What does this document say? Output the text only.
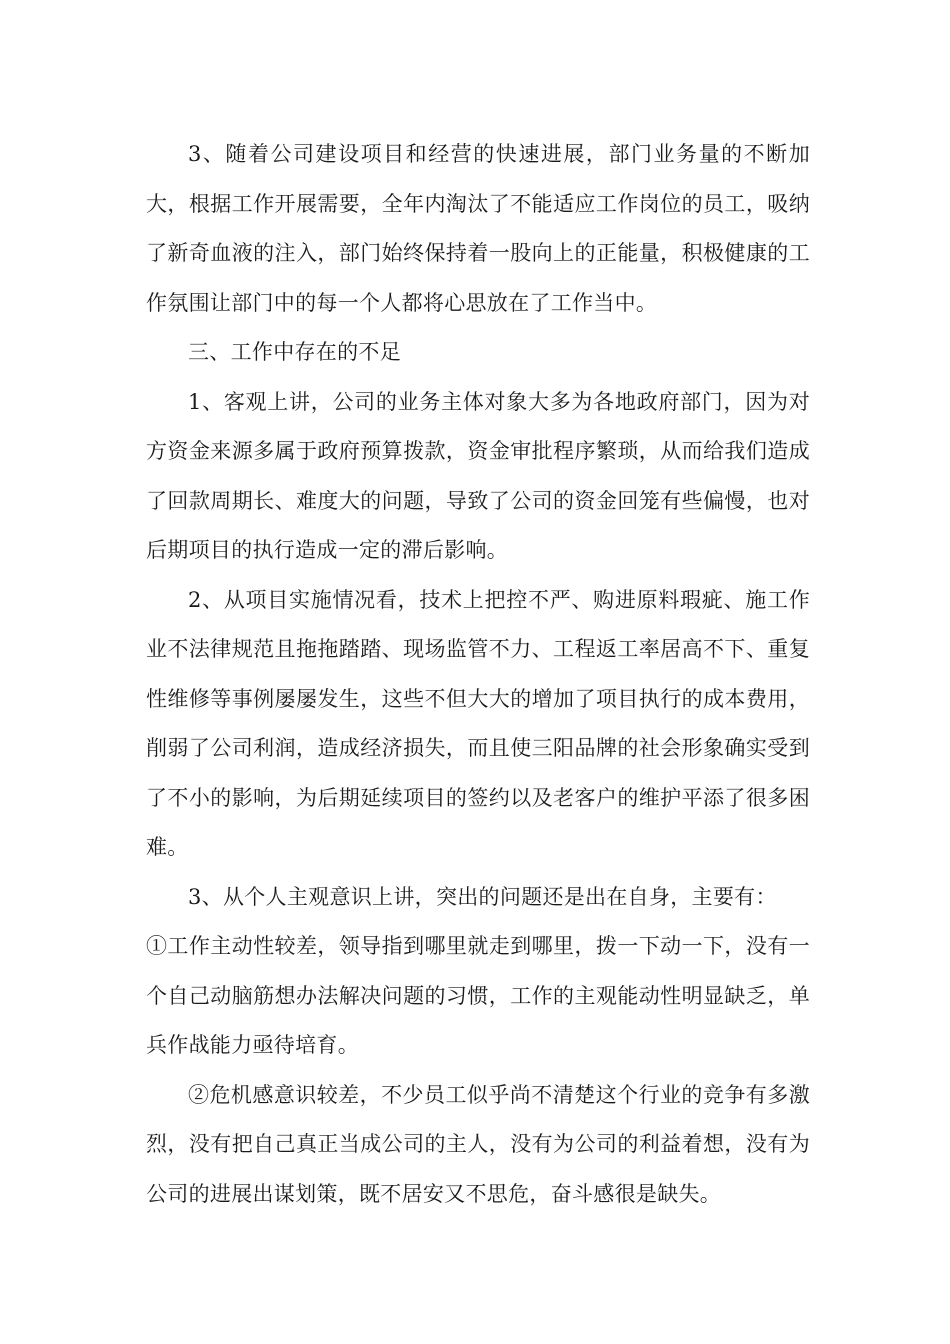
3、随着公司建设项目和经营的快速进展，部门业务量的不断加大，根据工作开展需要，全年内淘汰了不能适应工作岗位的员工，吸纳了新奇血液的注入，部门始终保持着一股向上的正能量，积极健康的工作氛围让部门中的每一个人都将心思放在了工作当中。

三、工作中存在的不足

1、客观上讲，公司的业务主体对象大多为各地政府部门，因为对方资金来源多属于政府预算拨款，资金审批程序繁琐，从而给我们造成了回款周期长、难度大的问题，导致了公司的资金回笼有些偏慢，也对后期项目的执行造成一定的滞后影响。

2、从项目实施情况看，技术上把控不严、购进原料瑕疵、施工作业不法律规范且拖拖踏踏、现场监管不力、工程返工率居高不下、重复性维修等事例屡屡发生，这些不但大大的增加了项目执行的成本费用，削弱了公司利润，造成经济损失，而且使三阳品牌的社会形象确实受到了不小的影响，为后期延续项目的签约以及老客户的维护平添了很多困难。

3、从个人主观意识上讲，突出的问题还是出在自身，主要有：

①工作主动性较差，领导指到哪里就走到哪里，拨一下动一下，没有一个自己动脑筋想办法解决问题的习惯，工作的主观能动性明显缺乏，单兵作战能力亟待培育。

②危机感意识较差，不少员工似乎尚不清楚这个行业的竞争有多激烈，没有把自己真正当成公司的主人，没有为公司的利益着想，没有为公司的进展出谋划策，既不居安又不思危，奋斗感很是缺失。
